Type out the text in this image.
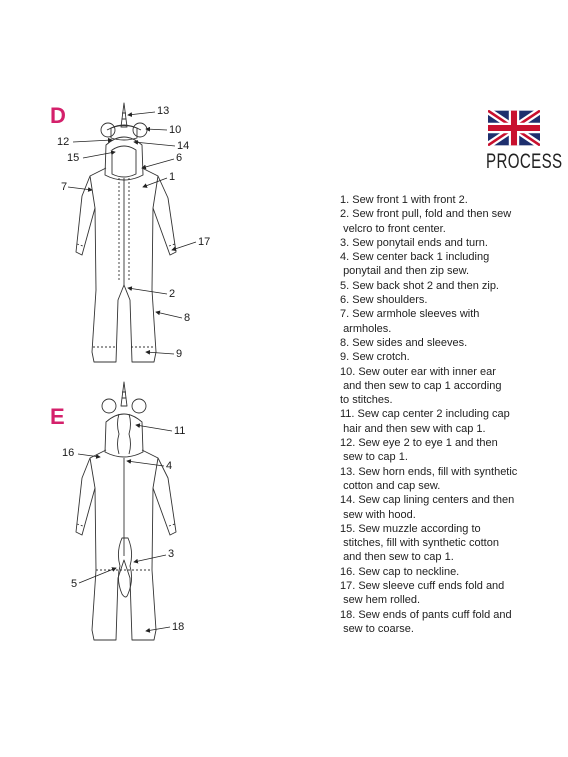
D
E
13
10
12	14
15	6
7
1
17
2
8
9
11
16
4
3
5
18
PROCESS
1. Sew front 1 with front 2.
2. Sew front pull, fold and then sew
velcro to front center.
3. Sew ponytail ends and turn.
4. Sew center back 1 including
ponytail and then zip sew.
5. Sew back shot 2 and then zip.
6. Sew shoulders.
7. Sew armhole sleeves with
armholes.
8. Sew sides and sleeves.
9. Sew crotch.
10. Sew outer ear with inner ear
and then sew to cap 1 according
to stitches.
11. Sew cap center 2 including cap
hair and then sew with cap 1.
12. Sew eye 2 to eye 1 and then
sew to cap 1.
13. Sew horn ends, fill with synthetic
cotton and cap sew.
14. Sew cap lining centers and then
sew with hood.
15. Sew muzzle according to
stitches, fill with synthetic cotton
and then sew to cap 1.
16. Sew cap to neckline.
17. Sew sleeve cuff ends fold and
sew hem rolled.
18. Sew ends of pants cuff fold and
sew to coarse.
